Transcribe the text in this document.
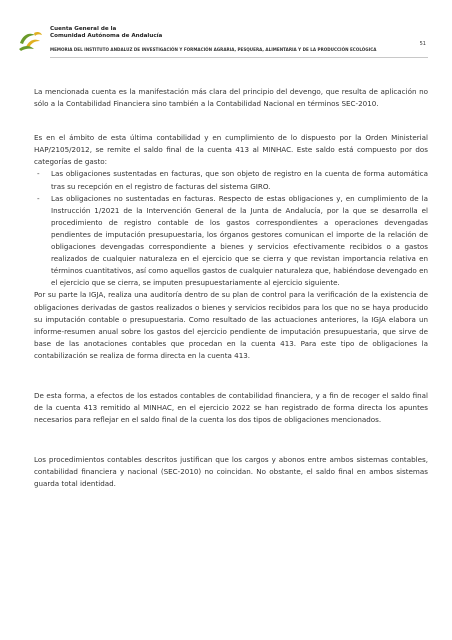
Cuenta General de la
Comunidad Autónoma de Andalucía
MEMORIA DEL INSTITUTO ANDALUZ DE INVESTIGACIÓN Y FORMACIÓN AGRARIA, PESQUERA, ALIMENTARIA Y DE LA PRODUCCIÓN ECOLÓGICA
51

La mencionada cuenta es la manifestación más clara del principio del devengo, que resulta de aplicación no sólo a la Contabilidad Financiera sino también a la Contabilidad Nacional en términos SEC-2010.

Es en el ámbito de esta última contabilidad y en cumplimiento de lo dispuesto por la Orden Ministerial HAP/2105/2012, se remite el saldo final de la cuenta 413 al MINHAC. Este saldo está compuesto por dos categorías de gasto:

- Las obligaciones sustentadas en facturas, que son objeto de registro en la cuenta de forma automática tras su recepción en el registro de facturas del sistema GIRO.
- Las obligaciones no sustentadas en facturas. Respecto de estas obligaciones y, en cumplimiento de la Instrucción 1/2021 de la Intervención General de la Junta de Andalucía, por la que se desarrolla el procedimiento de registro contable de los gastos correspondientes a operaciones devengadas pendientes de imputación presupuestaria, los órganos gestores comunican el importe de la relación de obligaciones devengadas correspondiente a bienes y servicios efectivamente recibidos o a gastos realizados de cualquier naturaleza en el ejercicio que se cierra y que revistan importancia relativa en términos cuantitativos, así como aquellos gastos de cualquier naturaleza que, habiéndose devengado en el ejercicio que se cierra, se imputen presupuestariamente al ejercicio siguiente.

Por su parte la IGJA, realiza una auditoría dentro de su plan de control para la verificación de la existencia de obligaciones derivadas de gastos realizados o bienes y servicios recibidos para los que no se haya producido su imputación contable o presupuestaria. Como resultado de las actuaciones anteriores, la IGJA elabora un informe-resumen anual sobre los gastos del ejercicio pendiente de imputación presupuestaria, que sirve de base de las anotaciones contables que procedan en la cuenta 413. Para este tipo de obligaciones la contabilización se realiza de forma directa en la cuenta 413.

De esta forma, a efectos de los estados contables de contabilidad financiera, y a fin de recoger el saldo final de la cuenta 413 remitido al MINHAC, en el ejercicio 2022 se han registrado de forma directa los apuntes necesarios para reflejar en el saldo final de la cuenta los dos tipos de obligaciones mencionados.

Los procedimientos contables descritos justifican que los cargos y abonos entre ambos sistemas contables, contabilidad financiera y nacional (SEC-2010) no coincidan. No obstante, el saldo final en ambos sistemas guarda total identidad.
